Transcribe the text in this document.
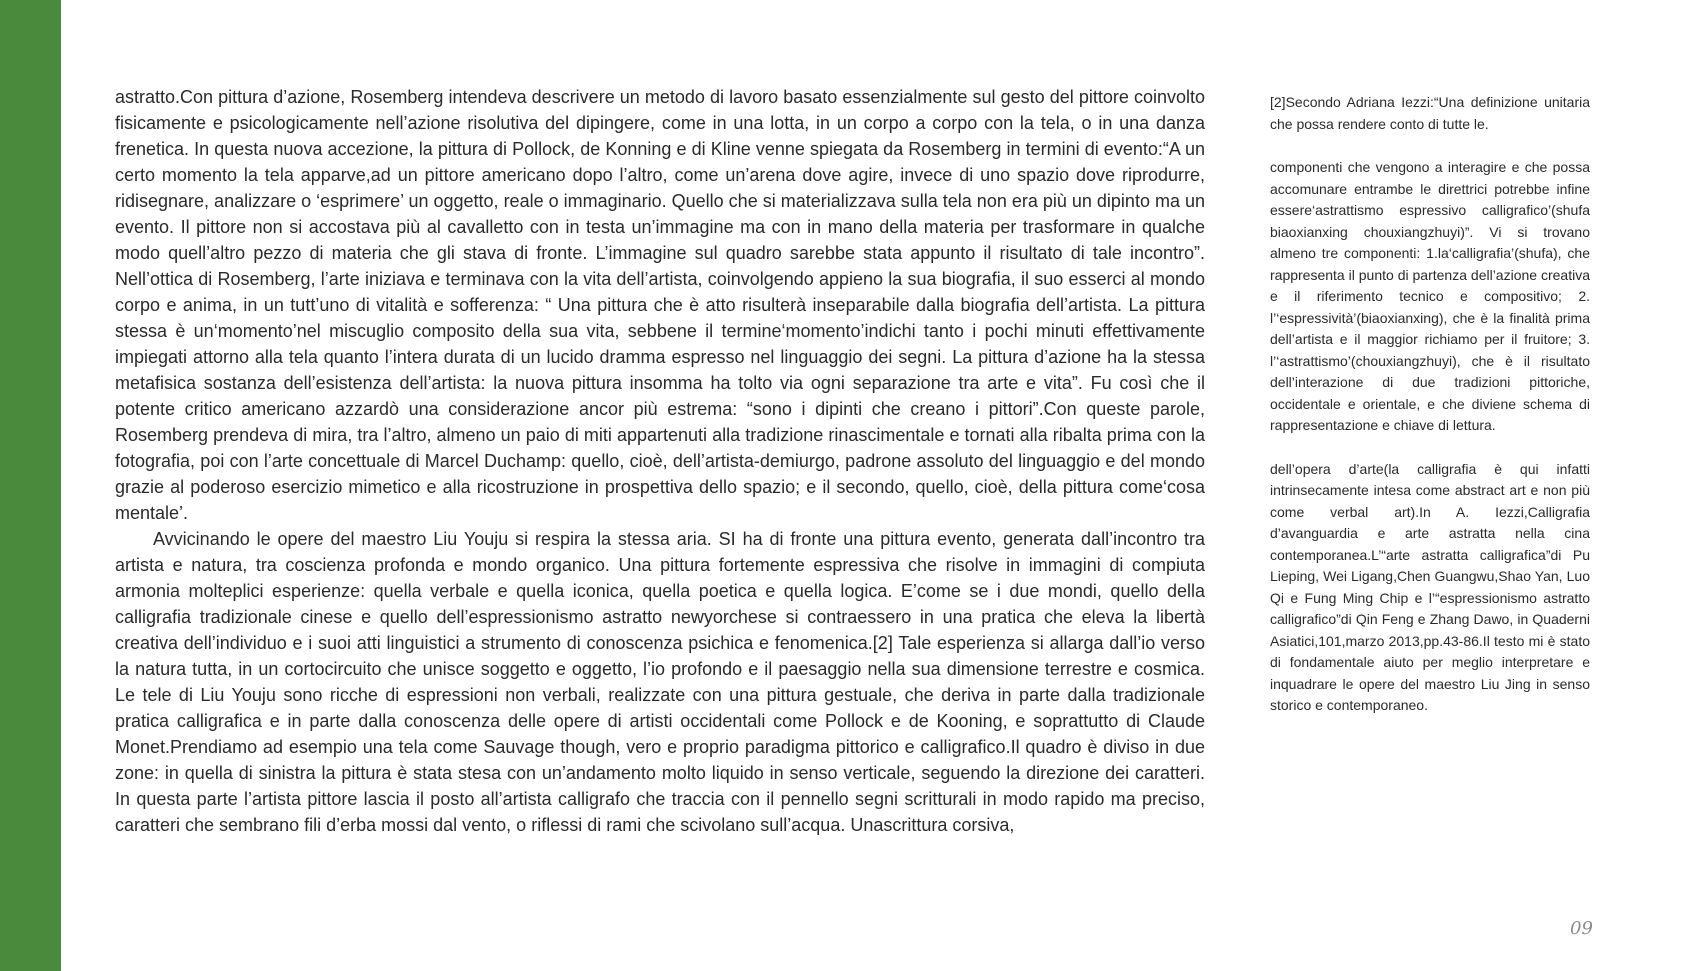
astratto.Con pittura d’azione, Rosemberg intendeva descrivere un metodo di lavoro basato essenzialmente sul gesto del pittore coinvolto fisicamente e psicologicamente nell’azione risolutiva del dipingere, come in una lotta, in un corpo a corpo con la tela, o in una danza frenetica. In questa nuova accezione, la pittura di Pollock, de Konning e di Kline venne spiegata da Rosemberg in termini di evento:“A un certo momento la tela apparve,ad un pittore americano dopo l’altro, come un’arena dove agire, invece di uno spazio dove riprodurre, ridisegnare, analizzare o ‘esprimere’ un oggetto, reale o immaginario. Quello che si materializzava sulla tela non era più un dipinto ma un evento. Il pittore non si accostava più al cavalletto con in testa un’immagine ma con in mano della materia per trasformare in qualche modo quell’altro pezzo di materia che gli stava di fronte. L’immagine sul quadro sarebbe stata appunto il risultato di tale incontro”. Nell’ottica di Rosemberg, l’arte iniziava e terminava con la vita dell’artista, coinvolgendo appieno la sua biografia, il suo esserci al mondo corpo e anima, in un tutt’uno di vitalità e sofferenza: “ Una pittura che è atto risulterà inseparabile dalla biografia dell’artista. La pittura stessa è un‘momento’nel miscuglio composito della sua vita, sebbene il termine‘momento’indichi tanto i pochi minuti effettivamente impiegati attorno alla tela quanto l’intera durata di un lucido dramma espresso nel linguaggio dei segni. La pittura d’azione ha la stessa metafisica sostanza dell’esistenza dell’artista: la nuova pittura insomma ha tolto via ogni separazione tra arte e vita”. Fu così che il potente critico americano azzardò una considerazione ancor più estrema: “sono i dipinti che creano i pittori”.Con queste parole, Rosemberg prendeva di mira, tra l’altro, almeno un paio di miti appartenuti alla tradizione rinascimentale e tornati alla ribalta prima con la fotografia, poi con l’arte concettuale di Marcel Duchamp: quello, cioè, dell’artista-demiurgo, padrone assoluto del linguaggio e del mondo grazie al poderoso esercizio mimetico e alla ricostruzione in prospettiva dello spazio; e il secondo, quello, cioè, della pittura come‘cosa mentale’.

Avvicinando le opere del maestro Liu Youju si respira la stessa aria. SI ha di fronte una pittura evento, generata dall’incontro tra artista e natura, tra coscienza profonda e mondo organico. Una pittura fortemente espressiva che risolve in immagini di compiuta armonia molteplici esperienze: quella verbale e quella iconica, quella poetica e quella logica. E’come se i due mondi, quello della calligrafia tradizionale cinese e quello dell’espressionismo astratto newyorchese si contraessero in una pratica che eleva la libertà creativa dell’individuo e i suoi atti linguistici a strumento di conoscenza psichica e fenomenica.[2] Tale esperienza si allarga dall’io verso la natura tutta, in un cortocircuito che unisce soggetto e oggetto, l’io profondo e il paesaggio nella sua dimensione terrestre e cosmica. Le tele di Liu Youju sono ricche di espressioni non verbali, realizzate con una pittura gestuale, che deriva in parte dalla tradizionale pratica calligrafica e in parte dalla conoscenza delle opere di artisti occidentali come Pollock e de Kooning, e soprattutto di Claude Monet.Prendiamo ad esempio una tela come Sauvage though, vero e proprio paradigma pittorico e calligrafico.Il quadro è diviso in due zone: in quella di sinistra la pittura è stata stesa con un’andamento molto liquido in senso verticale, seguendo la direzione dei caratteri. In questa parte l’artista pittore lascia il posto all’artista calligrafo che traccia con il pennello segni scritturali in modo rapido ma preciso, caratteri che sembrano fili d’erba mossi dal vento, o riflessi di rami che scivolano sull’acqua. Unascrittura corsiva,

[2]Secondo Adriana Iezzi:“Una definizione unitaria che possa rendere conto di tutte le.

componenti che vengono a interagire e che possa accomunare entrambe le direttrici potrebbe infine essere‘astrattismo espressivo calligrafico’(shufa biaoxianxing chouxiangzhuyi)”. Vi si trovano almeno tre componenti: 1.la‘calligrafia’(shufa), che rappresenta il punto di partenza dell’azione creativa e il riferimento tecnico e compositivo; 2. l’‘espressività’(biaoxianxing), che è la finalità prima dell’artista e il maggior richiamo per il fruitore; 3. l’‘astrattismo’(chouxiangzhuyi), che è il risultato dell’interazione di due tradizioni pittoriche, occidentale e orientale, e che diviene schema di rappresentazione e chiave di lettura.

dell’opera d’arte(la calligrafia è qui infatti intrinsecamente intesa come abstract art e non più come verbal art).In A. Iezzi,Calligrafia d’avanguardia e arte astratta nella cina contemporanea.L’“arte astratta calligrafica”di Pu Lieping, Wei Ligang,Chen Guangwu,Shao Yan, Luo Qi e Fung Ming Chip e l’“espressionismo astratto calligrafico”di Qin Feng e Zhang Dawo, in Quaderni Asiatici,101,marzo 2013,pp.43-86.Il testo mi è stato di fondamentale aiuto per meglio interpretare e inquadrare le opere del maestro Liu Jing in senso storico e contemporaneo.

09
